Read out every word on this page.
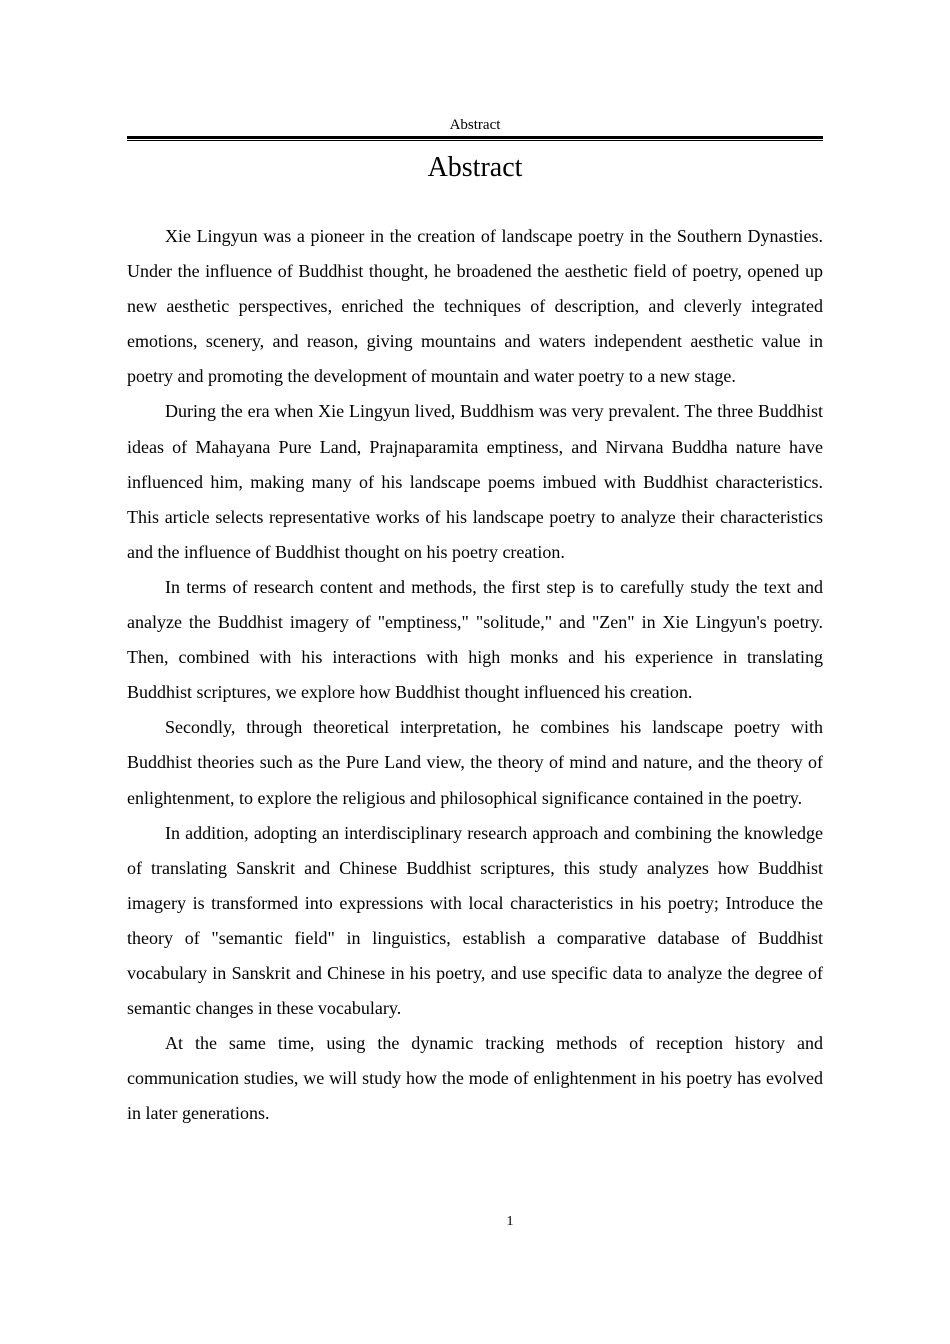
Abstract
Abstract

Xie Lingyun was a pioneer in the creation of landscape poetry in the Southern Dynasties. Under the influence of Buddhist thought, he broadened the aesthetic field of poetry, opened up new aesthetic perspectives, enriched the techniques of description, and cleverly integrated emotions, scenery, and reason, giving mountains and waters independent aesthetic value in poetry and promoting the development of mountain and water poetry to a new stage.

During the era when Xie Lingyun lived, Buddhism was very prevalent. The three Buddhist ideas of Mahayana Pure Land, Prajnaparamita emptiness, and Nirvana Buddha nature have influenced him, making many of his landscape poems imbued with Buddhist characteristics. This article selects representative works of his landscape poetry to analyze their characteristics and the influence of Buddhist thought on his poetry creation.

In terms of research content and methods, the first step is to carefully study the text and analyze the Buddhist imagery of "emptiness," "solitude," and "Zen" in Xie Lingyun's poetry. Then, combined with his interactions with high monks and his experience in translating Buddhist scriptures, we explore how Buddhist thought influenced his creation.

Secondly, through theoretical interpretation, he combines his landscape poetry with Buddhist theories such as the Pure Land view, the theory of mind and nature, and the theory of enlightenment, to explore the religious and philosophical significance contained in the poetry.

In addition, adopting an interdisciplinary research approach and combining the knowledge of translating Sanskrit and Chinese Buddhist scriptures, this study analyzes how Buddhist imagery is transformed into expressions with local characteristics in his poetry; Introduce the theory of "semantic field" in linguistics, establish a comparative database of Buddhist vocabulary in Sanskrit and Chinese in his poetry, and use specific data to analyze the degree of semantic changes in these vocabulary.

At the same time, using the dynamic tracking methods of reception history and communication studies, we will study how the mode of enlightenment in his poetry has evolved in later generations.

1
